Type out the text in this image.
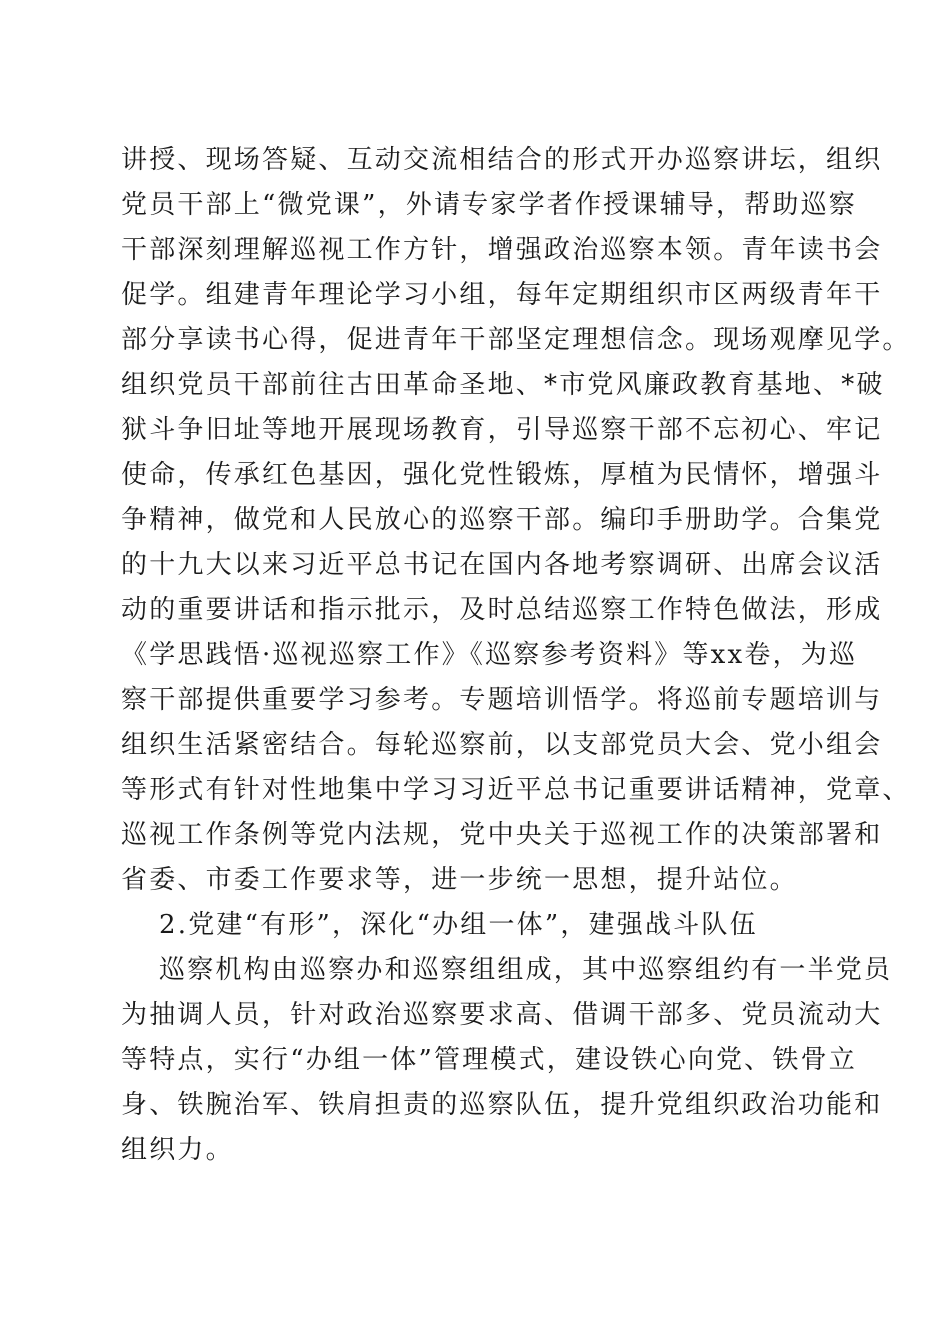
讲授、现场答疑、互动交流相结合的形式开办巡察讲坛，组织
党员干部上“微党课”，外请专家学者作授课辅导，帮助巡察
干部深刻理解巡视工作方针，增强政治巡察本领。青年读书会
促学。组建青年理论学习小组，每年定期组织市区两级青年干
部分享读书心得，促进青年干部坚定理想信念。现场观摩见学。
组织党员干部前往古田革命圣地、*市党风廉政教育基地、*破
狱斗争旧址等地开展现场教育，引导巡察干部不忘初心、牢记
使命，传承红色基因，强化党性锻炼，厚植为民情怀，增强斗
争精神，做党和人民放心的巡察干部。编印手册助学。合集党
的十九大以来习近平总书记在国内各地考察调研、出席会议活
动的重要讲话和指示批示，及时总结巡察工作特色做法，形成
《学思践悟·巡视巡察工作》《巡察参考资料》等xx卷，为巡
察干部提供重要学习参考。专题培训悟学。将巡前专题培训与
组织生活紧密结合。每轮巡察前，以支部党员大会、党小组会
等形式有针对性地集中学习习近平总书记重要讲话精神，党章、
巡视工作条例等党内法规，党中央关于巡视工作的决策部署和
省委、市委工作要求等，进一步统一思想，提升站位。
2.党建“有形”，深化“办组一体”，建强战斗队伍
巡察机构由巡察办和巡察组组成，其中巡察组约有一半党员
为抽调人员，针对政治巡察要求高、借调干部多、党员流动大
等特点，实行“办组一体”管理模式，建设铁心向党、铁骨立
身、铁腕治军、铁肩担责的巡察队伍，提升党组织政治功能和
组织力。
